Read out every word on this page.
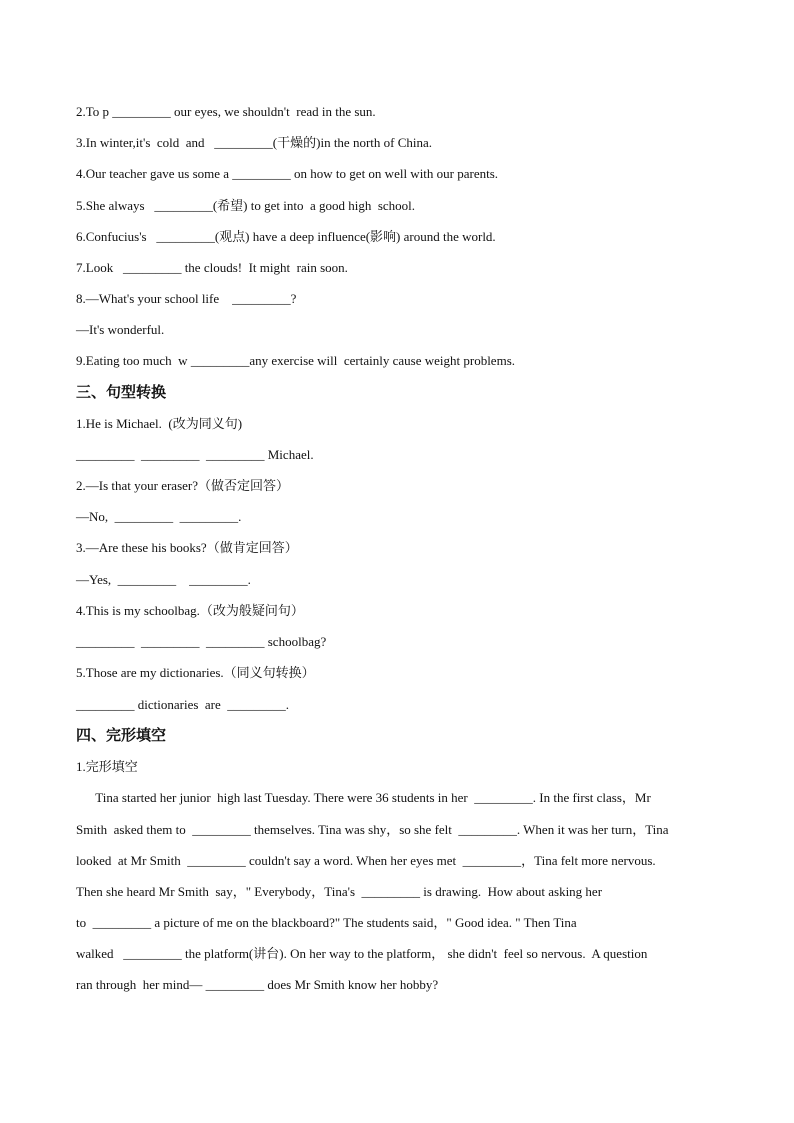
2.To p _________ our eyes, we shouldn't  read in the sun.
3.In winter,it's  cold  and   _________(干燥的)in the north of China.
4.Our teacher gave us some a _________ on how to get on well with our parents.
5.She always   _________(希望) to get into  a good high  school.
6.Confucius's   _________(观点) have a deep influence(影响) around the world.
7.Look   _________ the clouds!  It might  rain soon.
8.—What's your school life    _________?
—It's wonderful.
9.Eating too much  w _________any exercise will  certainly cause weight problems.
三、句型转换
1.He is Michael.  (改为同义句)
_________  _________  _________ Michael.
2.—Is that your eraser?（做否定回答）
—No,  _________  _________.
3.—Are these his books?（做肯定回答）
—Yes,  _________    _________.
4.This is my schoolbag.（改为般疑问句）
_________  _________  _________ schoolbag?
5.Those are my dictionaries.（同义句转换）
_________ dictionaries  are  _________.
四、完形填空
1.完形填空
Tina started her junior  high last Tuesday. There were 36 students in her  _________. In the first class，Mr
Smith  asked them to  _________ themselves. Tina was shy，so she felt  _________. When it was her turn，Tina
looked  at Mr Smith  _________ couldn't say a word. When her eyes met  _________，Tina felt more nervous.
Then she heard Mr Smith  say，" Everybody，Tina's  _________ is drawing.  How about asking her
to  _________ a picture of me on the blackboard?" The students said，" Good idea. " Then Tina
walked   _________ the platform(讲台). On her way to the platform， she didn't  feel so nervous.  A question
ran through  her mind— _________ does Mr Smith know her hobby?
